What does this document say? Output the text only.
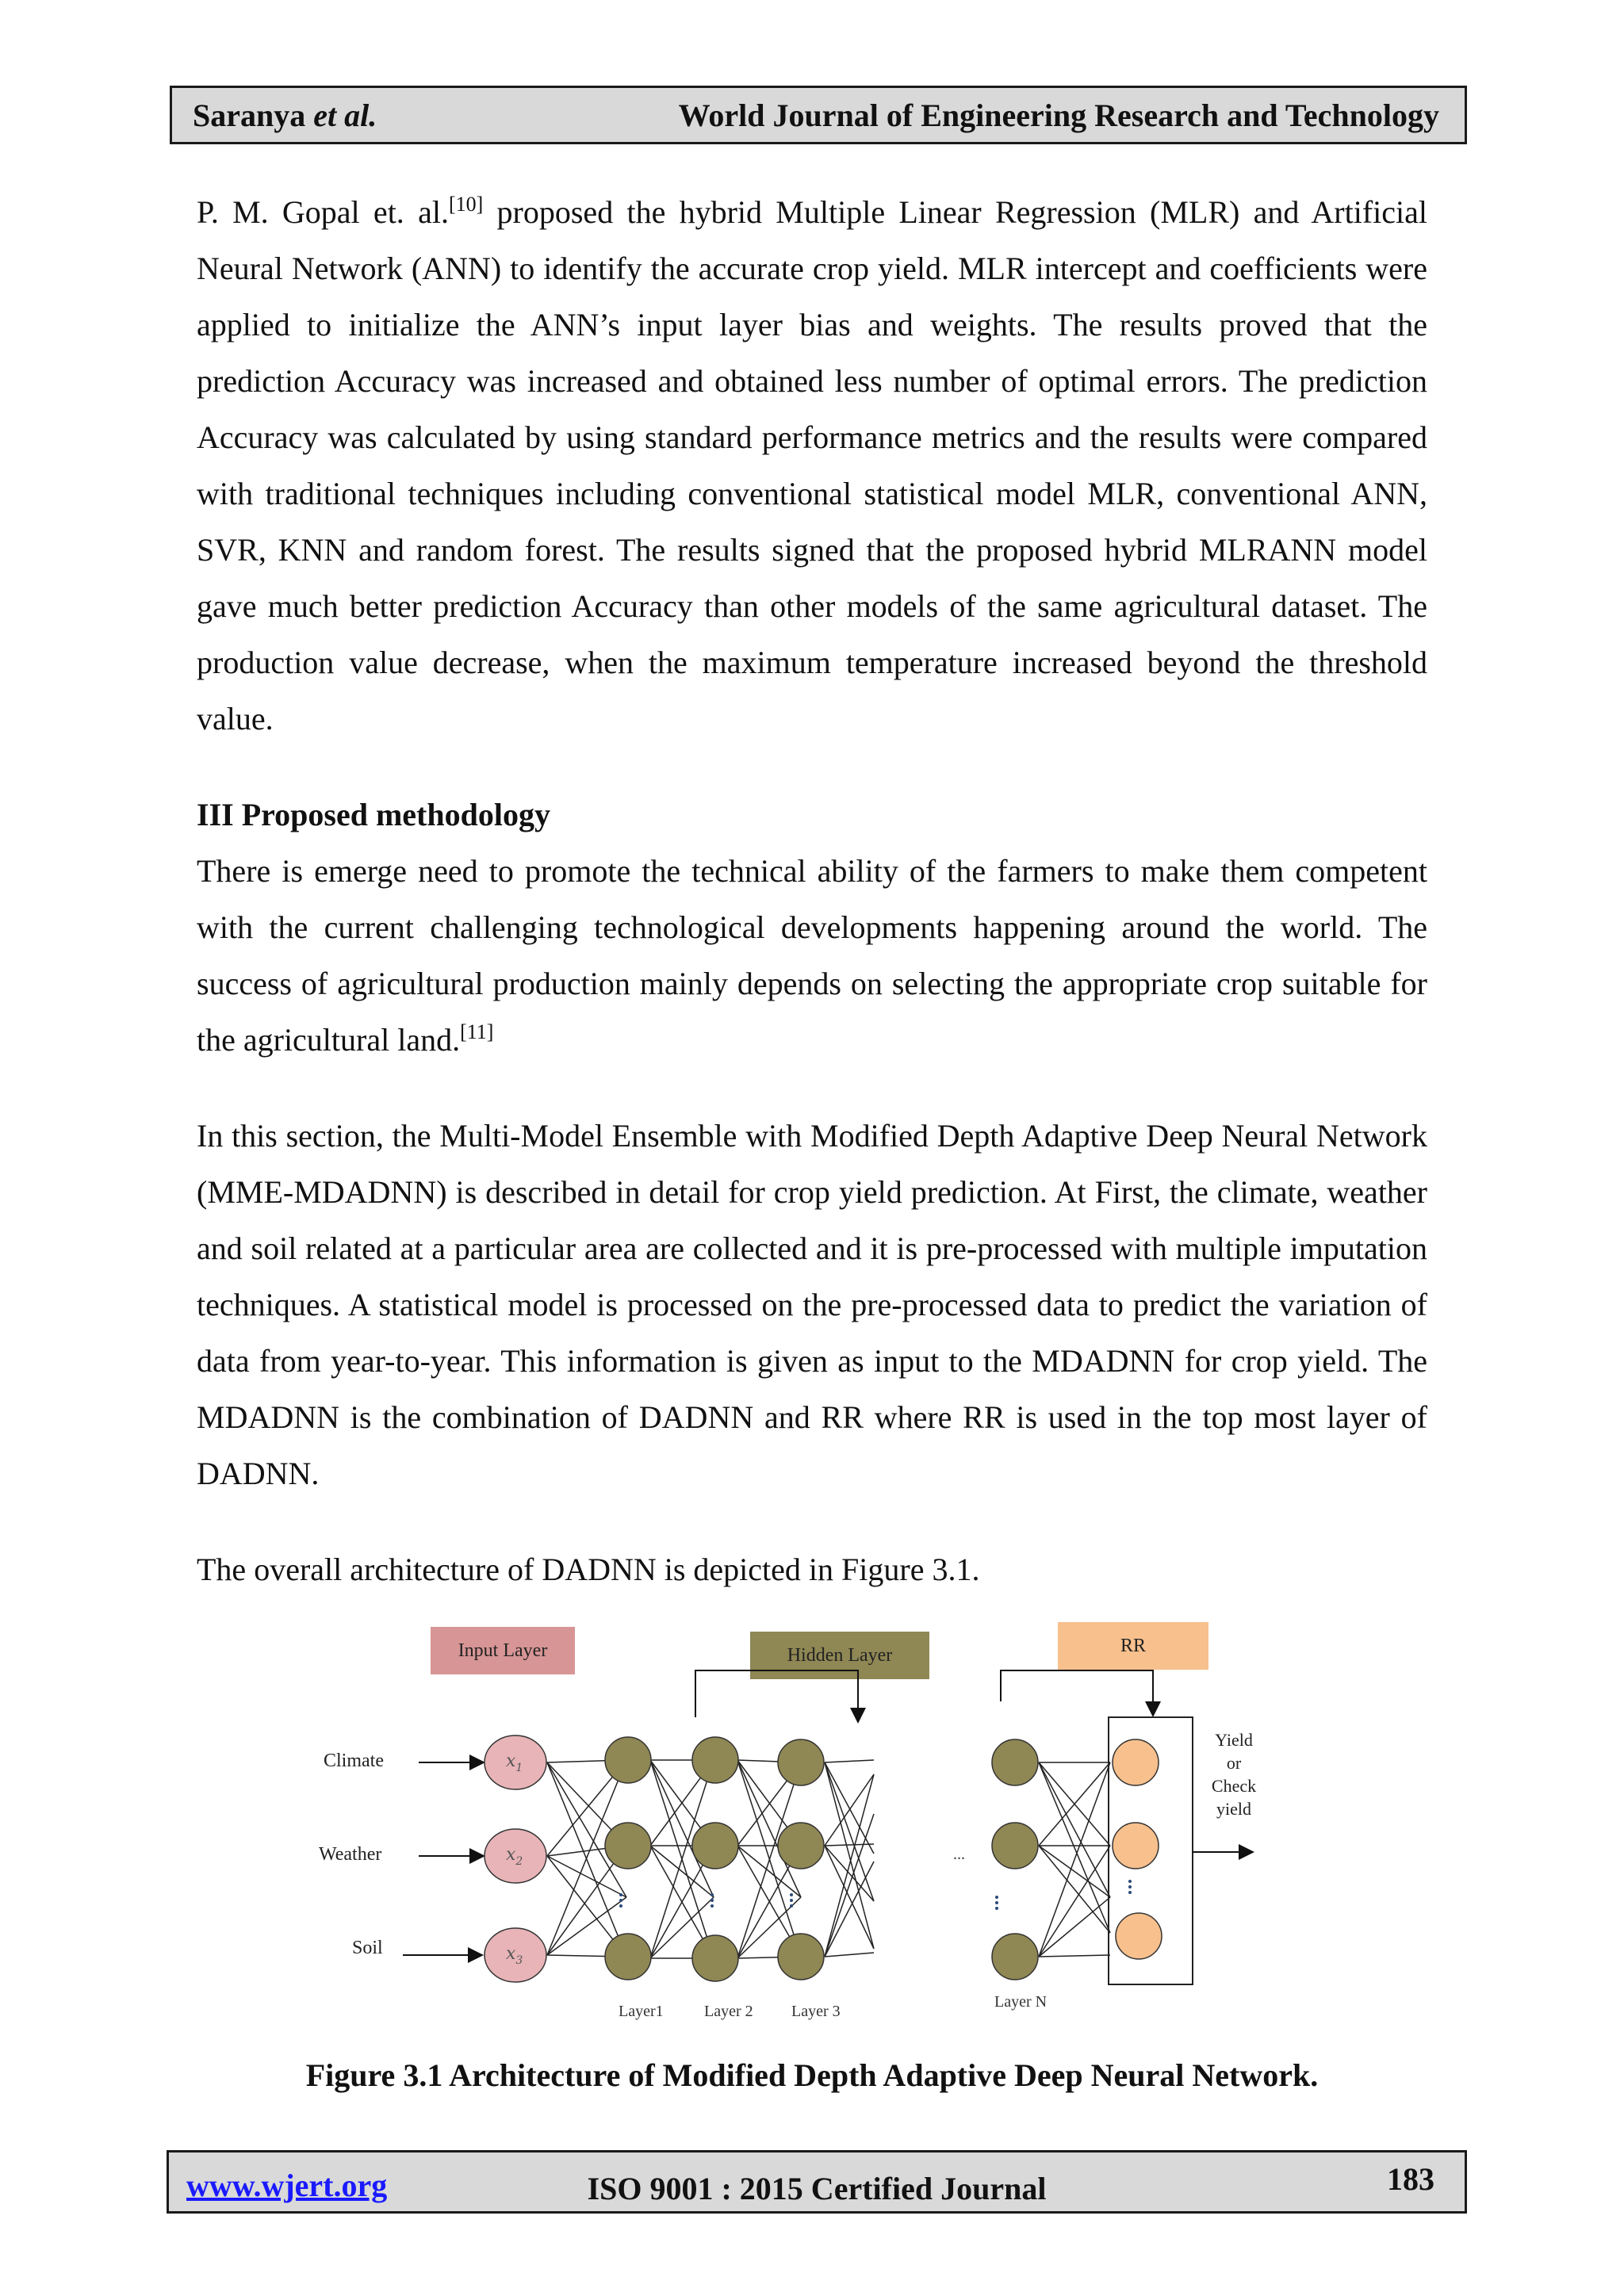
Saranya et al.	World Journal of Engineering Research and Technology

P. M. Gopal et. al.[10] proposed the hybrid Multiple Linear Regression (MLR) and Artificial Neural Network (ANN) to identify the accurate crop yield. MLR intercept and coefficients were applied to initialize the ANN’s input layer bias and weights. The results proved that the prediction Accuracy was increased and obtained less number of optimal errors. The prediction Accuracy was calculated by using standard performance metrics and the results were compared with traditional techniques including conventional statistical model MLR, conventional ANN, SVR, KNN and random forest. The results signed that the proposed hybrid MLRANN model gave much better prediction Accuracy than other models of the same agricultural dataset. The production value decrease, when the maximum temperature increased beyond the threshold value.

III Proposed methodology

There is emerge need to promote the technical ability of the farmers to make them competent with the current challenging technological developments happening around the world. The success of agricultural production mainly depends on selecting the appropriate crop suitable for the agricultural land.[11]

In this section, the Multi-Model Ensemble with Modified Depth Adaptive Deep Neural Network (MME-MDADNN) is described in detail for crop yield prediction. At First, the climate, weather and soil related at a particular area are collected and it is pre-processed with multiple imputation techniques. A statistical model is processed on the pre-processed data to predict the variation of data from year-to-year. This information is given as input to the MDADNN for crop yield. The MDADNN is the combination of DADNN and RR where RR is used in the top most layer of DADNN.

The overall architecture of DADNN is depicted in Figure 3.1.

Input Layer	Hidden Layer	RR
$x_1$
$x_2$
$x_3$
Climate
Weather
Soil
...
Layer1	Layer 2 Layer 3
Layer N
Yield
or
Check
yield
Figure 3.1 Architecture of Modified Depth Adaptive Deep Neural Network.
www.wjert.org	ISO 9001 : 2015 Certified Journal	183
